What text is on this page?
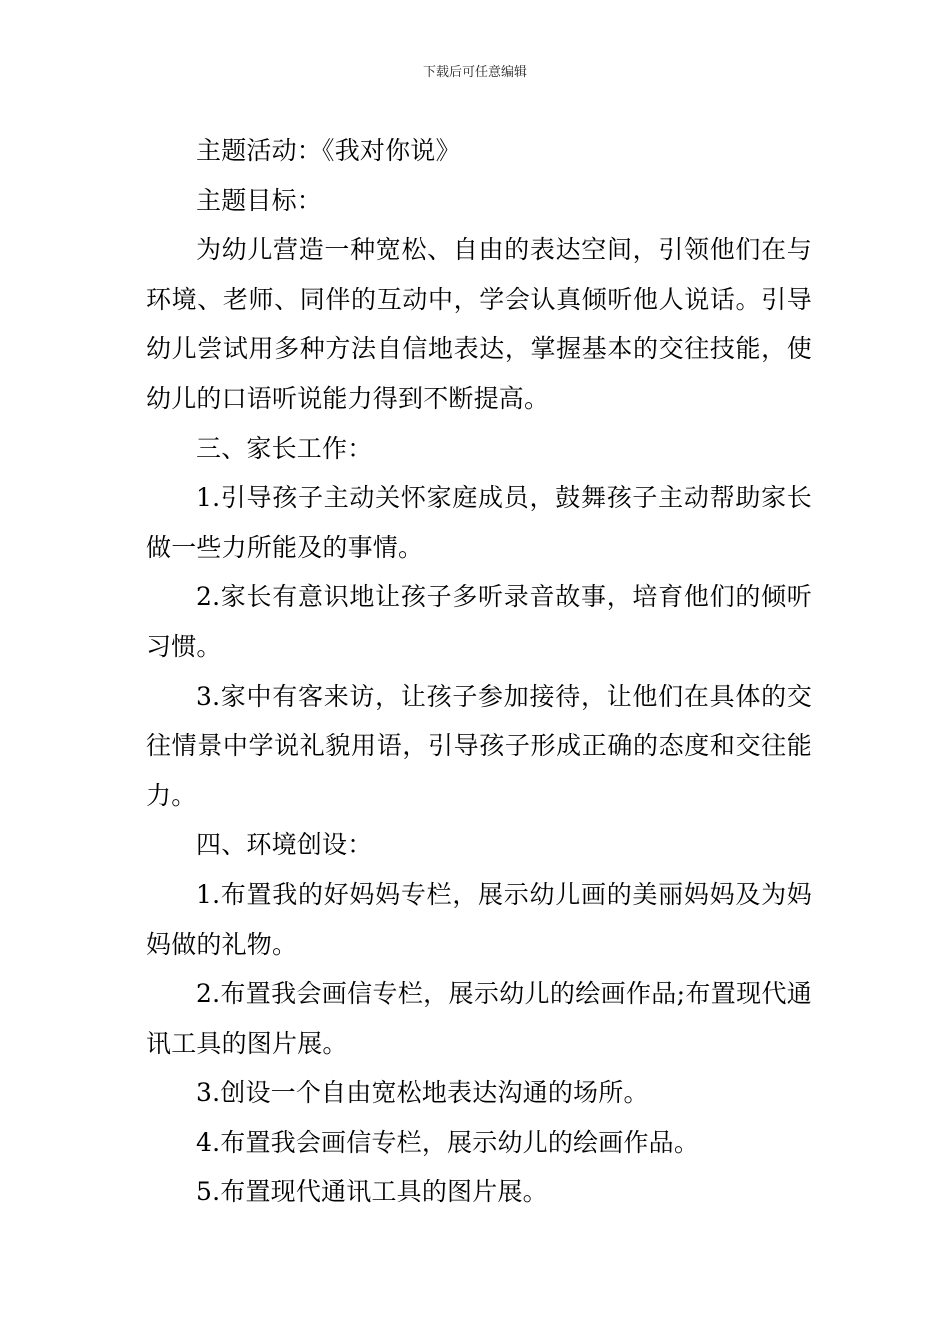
下载后可任意编辑

主题活动：《我对你说》

主题目标：

为幼儿营造一种宽松、自由的表达空间，引领他们在与环境、老师、同伴的互动中，学会认真倾听他人说话。引导幼儿尝试用多种方法自信地表达，掌握基本的交往技能，使幼儿的口语听说能力得到不断提高。

三、家长工作：

1.引导孩子主动关怀家庭成员，鼓舞孩子主动帮助家长做一些力所能及的事情。

2.家长有意识地让孩子多听录音故事，培育他们的倾听习惯。

3.家中有客来访，让孩子参加接待，让他们在具体的交往情景中学说礼貌用语，引导孩子形成正确的态度和交往能力。

四、环境创设：

1.布置我的好妈妈专栏，展示幼儿画的美丽妈妈及为妈妈做的礼物。

2.布置我会画信专栏，展示幼儿的绘画作品;布置现代通讯工具的图片展。

3.创设一个自由宽松地表达沟通的场所。

4.布置我会画信专栏，展示幼儿的绘画作品。

5.布置现代通讯工具的图片展。
